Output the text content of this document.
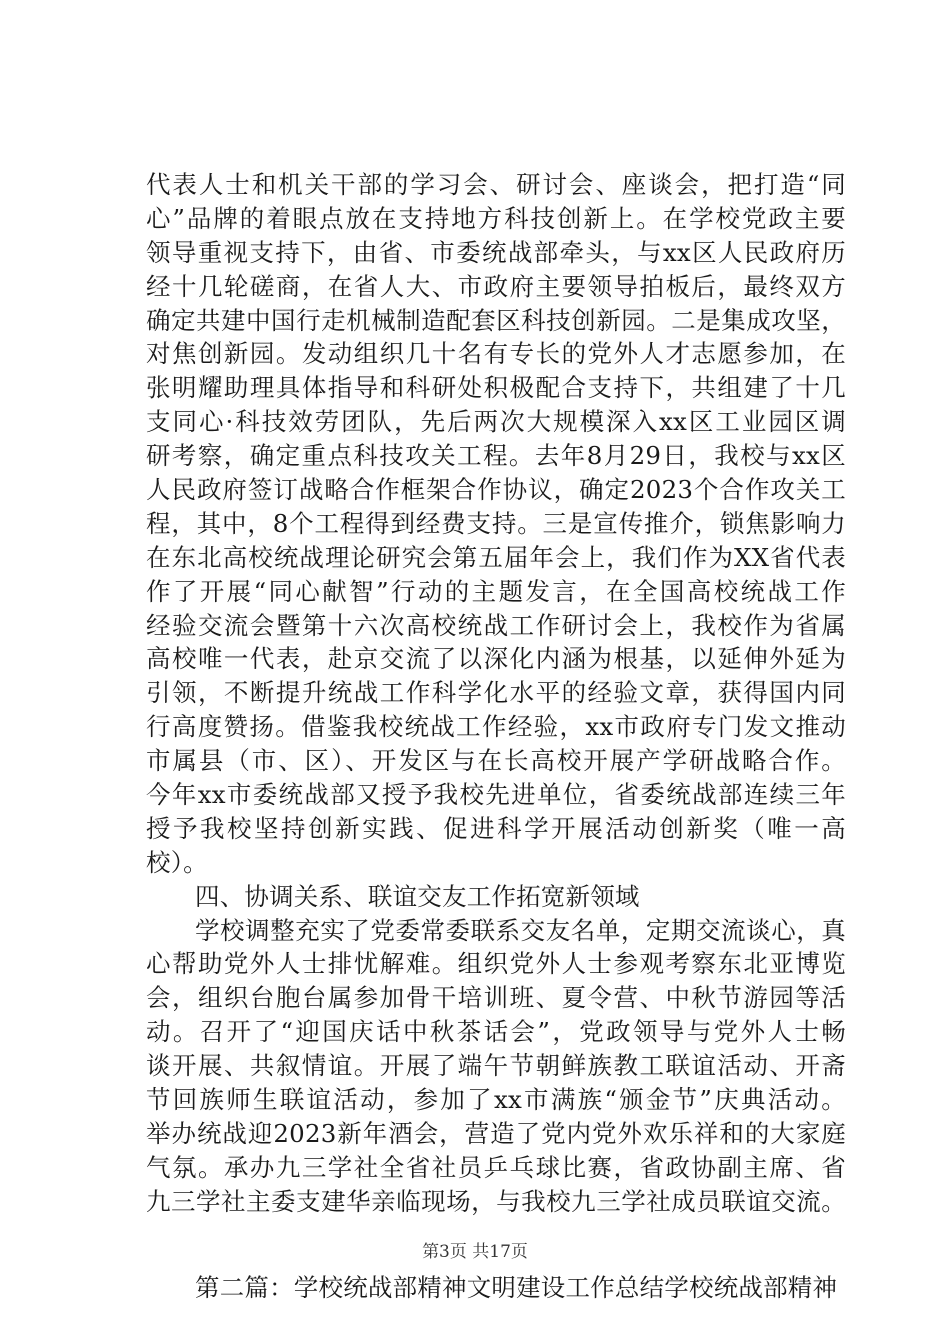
代表人士和机关干部的学习会、研讨会、座谈会，把打造“同
心”品牌的着眼点放在支持地方科技创新上。在学校党政主要
领导重视支持下，由省、市委统战部牵头，与xx区人民政府历
经十几轮磋商，在省人大、市政府主要领导拍板后，最终双方
确定共建中国行走机械制造配套区科技创新园。二是集成攻坚，
对焦创新园。发动组织几十名有专长的党外人才志愿参加，在
张明耀助理具体指导和科研处积极配合支持下，共组建了十几
支同心·科技效劳团队，先后两次大规模深入xx区工业园区调
研考察，确定重点科技攻关工程。去年8月29日，我校与xx区
人民政府签订战略合作框架合作协议，确定2023个合作攻关工
程，其中，8个工程得到经费支持。三是宣传推介，锁焦影响力
在东北高校统战理论研究会第五届年会上，我们作为XX省代表
作了开展“同心献智”行动的主题发言，在全国高校统战工作
经验交流会暨第十六次高校统战工作研讨会上，我校作为省属
高校唯一代表，赴京交流了以深化内涵为根基，以延伸外延为
引领，不断提升统战工作科学化水平的经验文章，获得国内同
行高度赞扬。借鉴我校统战工作经验，xx市政府专门发文推动
市属县（市、区）、开发区与在长高校开展产学研战略合作。
今年xx市委统战部又授予我校先进单位，省委统战部连续三年
授予我校坚持创新实践、促进科学开展活动创新奖（唯一高
校）。
四、协调关系、联谊交友工作拓宽新领域
学校调整充实了党委常委联系交友名单，定期交流谈心，真
心帮助党外人士排忧解难。组织党外人士参观考察东北亚博览
会，组织台胞台属参加骨干培训班、夏令营、中秋节游园等活
动。召开了“迎国庆话中秋茶话会”，党政领导与党外人士畅
谈开展、共叙情谊。开展了端午节朝鲜族教工联谊活动、开斋
节回族师生联谊活动，参加了xx市满族“颁金节”庆典活动。
举办统战迎2023新年酒会，营造了党内党外欢乐祥和的大家庭
气氛。承办九三学社全省社员乒乓球比赛，省政协副主席、省
九三学社主委支建华亲临现场，与我校九三学社成员联谊交流。
第二篇：学校统战部精神文明建设工作总结学校统战部精神
第3页 共17页
